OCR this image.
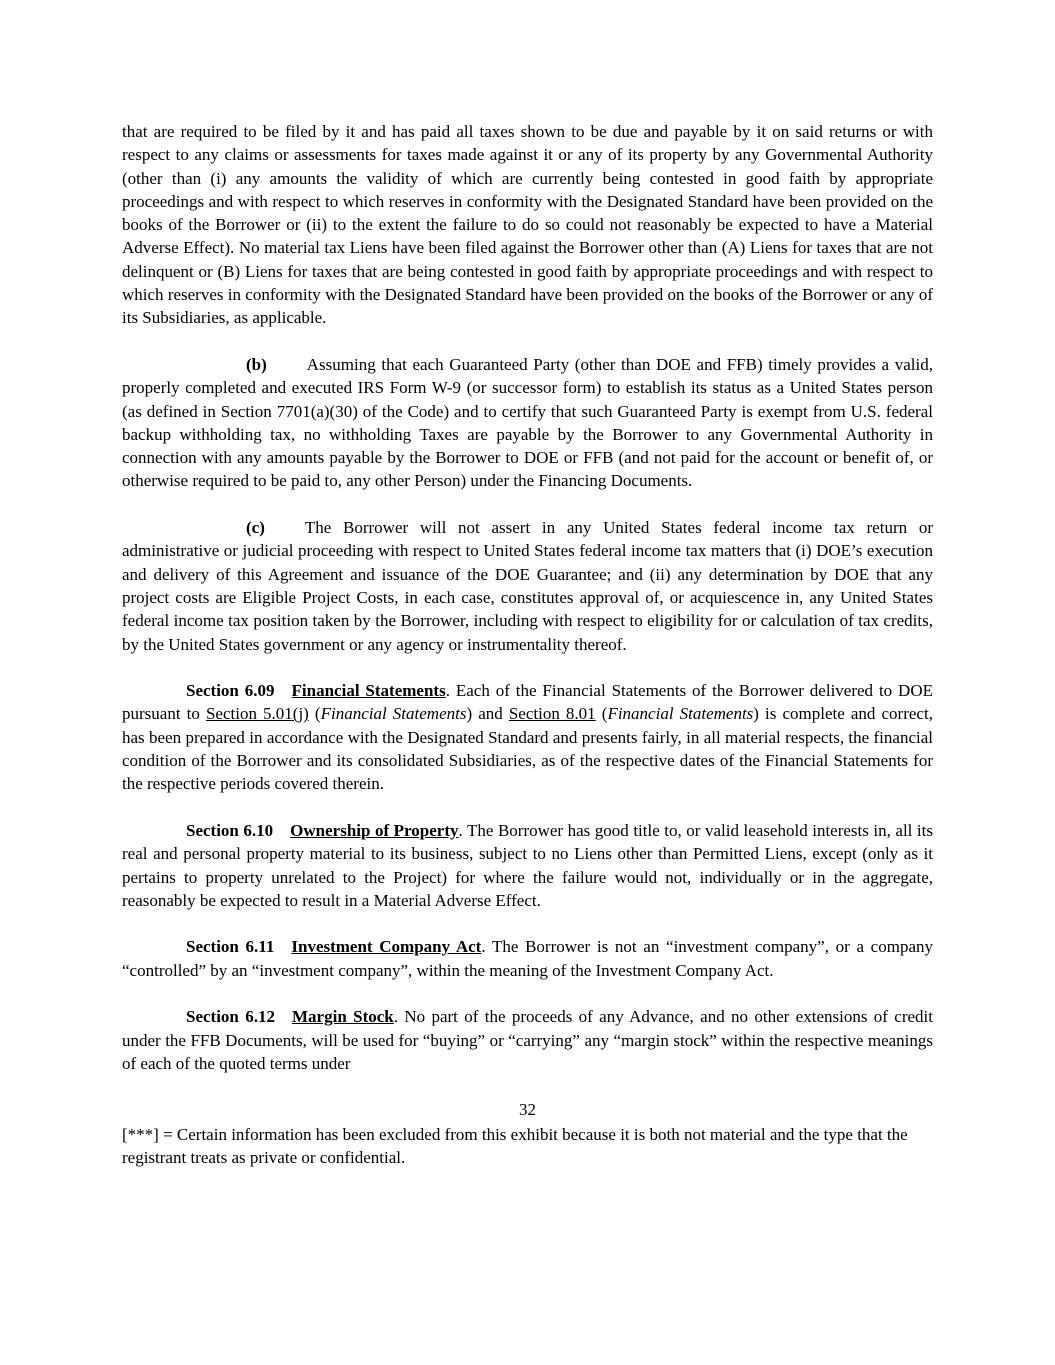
that are required to be filed by it and has paid all taxes shown to be due and payable by it on said returns or with respect to any claims or assessments for taxes made against it or any of its property by any Governmental Authority (other than (i) any amounts the validity of which are currently being contested in good faith by appropriate proceedings and with respect to which reserves in conformity with the Designated Standard have been provided on the books of the Borrower or (ii) to the extent the failure to do so could not reasonably be expected to have a Material Adverse Effect). No material tax Liens have been filed against the Borrower other than (A) Liens for taxes that are not delinquent or (B) Liens for taxes that are being contested in good faith by appropriate proceedings and with respect to which reserves in conformity with the Designated Standard have been provided on the books of the Borrower or any of its Subsidiaries, as applicable.

(b) Assuming that each Guaranteed Party (other than DOE and FFB) timely provides a valid, properly completed and executed IRS Form W-9 (or successor form) to establish its status as a United States person (as defined in Section 7701(a)(30) of the Code) and to certify that such Guaranteed Party is exempt from U.S. federal backup withholding tax, no withholding Taxes are payable by the Borrower to any Governmental Authority in connection with any amounts payable by the Borrower to DOE or FFB (and not paid for the account or benefit of, or otherwise required to be paid to, any other Person) under the Financing Documents.

(c) The Borrower will not assert in any United States federal income tax return or administrative or judicial proceeding with respect to United States federal income tax matters that (i) DOE’s execution and delivery of this Agreement and issuance of the DOE Guarantee; and (ii) any determination by DOE that any project costs are Eligible Project Costs, in each case, constitutes approval of, or acquiescence in, any United States federal income tax position taken by the Borrower, including with respect to eligibility for or calculation of tax credits, by the United States government or any agency or instrumentality thereof.

Section 6.09 Financial Statements. Each of the Financial Statements of the Borrower delivered to DOE pursuant to Section 5.01(j) (Financial Statements) and Section 8.01 (Financial Statements) is complete and correct, has been prepared in accordance with the Designated Standard and presents fairly, in all material respects, the financial condition of the Borrower and its consolidated Subsidiaries, as of the respective dates of the Financial Statements for the respective periods covered therein.

Section 6.10 Ownership of Property. The Borrower has good title to, or valid leasehold interests in, all its real and personal property material to its business, subject to no Liens other than Permitted Liens, except (only as it pertains to property unrelated to the Project) for where the failure would not, individually or in the aggregate, reasonably be expected to result in a Material Adverse Effect.

Section 6.11 Investment Company Act. The Borrower is not an “investment company”, or a company “controlled” by an “investment company”, within the meaning of the Investment Company Act.

Section 6.12 Margin Stock. No part of the proceeds of any Advance, and no other extensions of credit under the FFB Documents, will be used for “buying” or “carrying” any “margin stock” within the respective meanings of each of the quoted terms under

32
[***] = Certain information has been excluded from this exhibit because it is both not material and the type that the registrant treats as private or confidential.
